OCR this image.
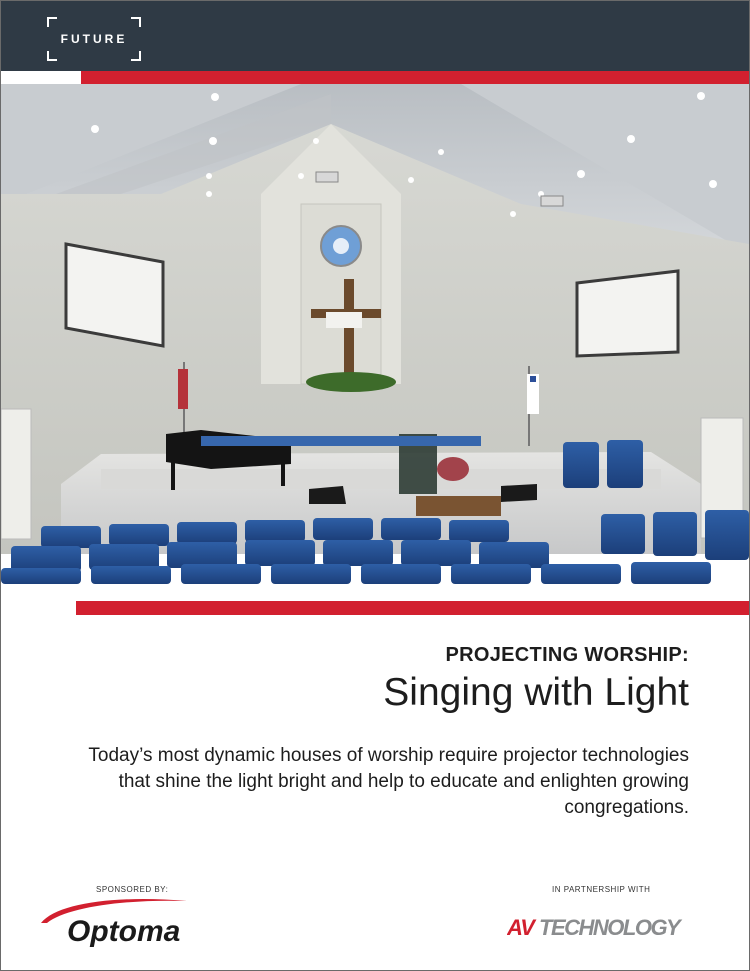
FUTURE
PROJECTING WORSHIP:
Singing with Light
Today’s most dynamic houses of worship require projector technologies that shine the light bright and help to educate and enlighten growing congregations.
SPONSORED BY:
Optoma
IN PARTNERSHIP WITH
AV TECHNOLOGY
